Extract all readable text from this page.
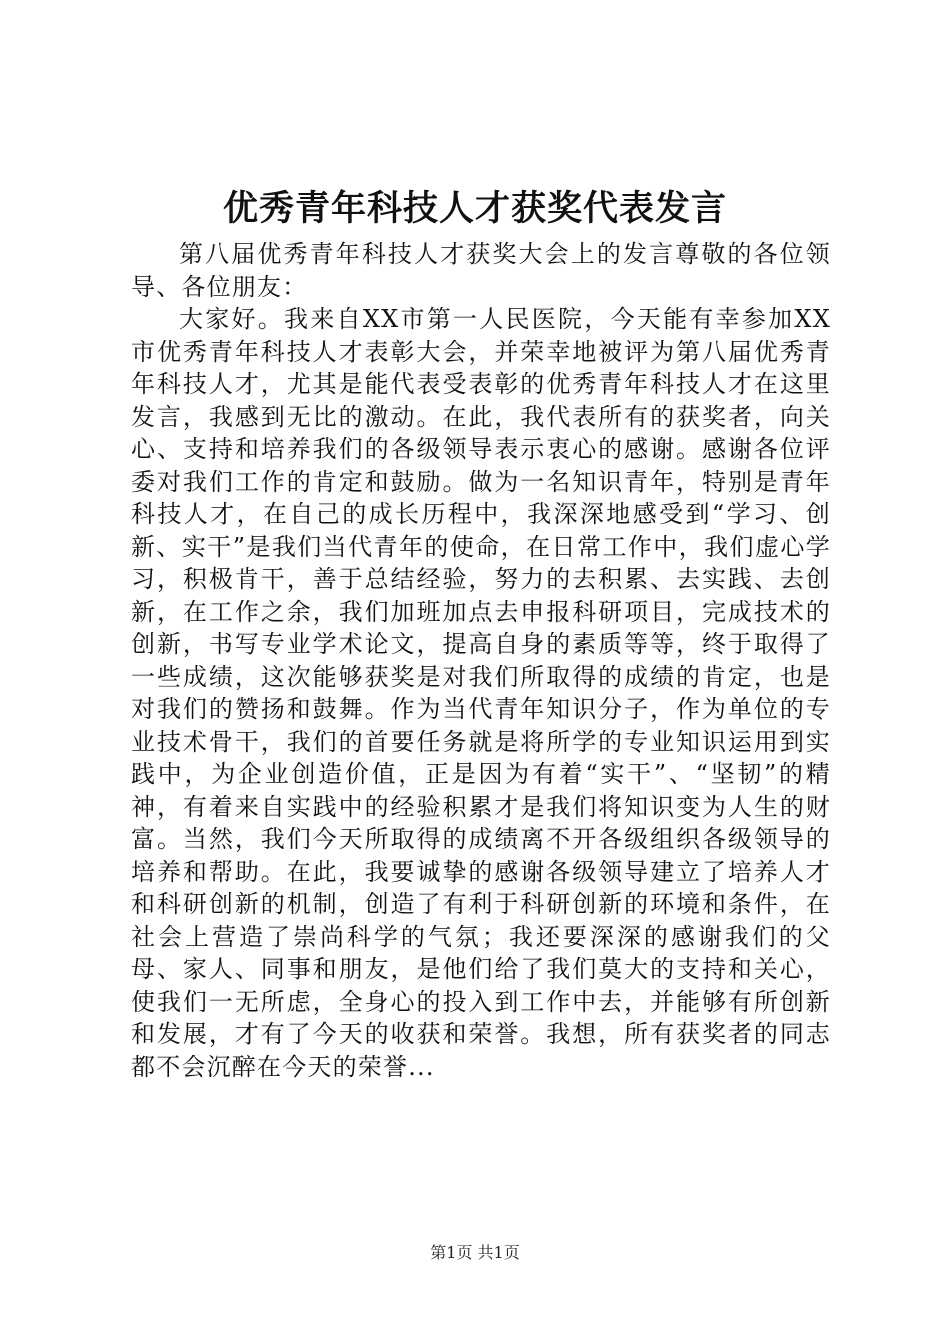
优秀青年科技人才获奖代表发言

第八届优秀青年科技人才获奖大会上的发言尊敬的各位领导、各位朋友：

大家好。我来自XX市第一人民医院，今天能有幸参加XX市优秀青年科技人才表彰大会，并荣幸地被评为第八届优秀青年科技人才，尤其是能代表受表彰的优秀青年科技人才在这里发言，我感到无比的激动。在此，我代表所有的获奖者，向关心、支持和培养我们的各级领导表示衷心的感谢。感谢各位评委对我们工作的肯定和鼓励。做为一名知识青年，特别是青年科技人才，在自己的成长历程中，我深深地感受到“学习、创新、实干”是我们当代青年的使命，在日常工作中，我们虚心学习，积极肯干，善于总结经验，努力的去积累、去实践、去创新，在工作之余，我们加班加点去申报科研项目，完成技术的创新，书写专业学术论文，提高自身的素质等等，终于取得了一些成绩，这次能够获奖是对我们所取得的成绩的肯定，也是对我们的赞扬和鼓舞。作为当代青年知识分子，作为单位的专业技术骨干，我们的首要任务就是将所学的专业知识运用到实践中，为企业创造价值，正是因为有着“实干”、“坚韧”的精神，有着来自实践中的经验积累才是我们将知识变为人生的财富。当然，我们今天所取得的成绩离不开各级组织各级领导的培养和帮助。在此，我要诚挚的感谢各级领导建立了培养人才和科研创新的机制，创造了有利于科研创新的环境和条件，在社会上营造了崇尚科学的气氛；我还要深深的感谢我们的父母、家人、同事和朋友，是他们给了我们莫大的支持和关心，使我们一无所虑，全身心的投入到工作中去，并能够有所创新和发展，才有了今天的收获和荣誉。我想，所有获奖者的同志都不会沉醉在今天的荣誉...

第1页 共1页
